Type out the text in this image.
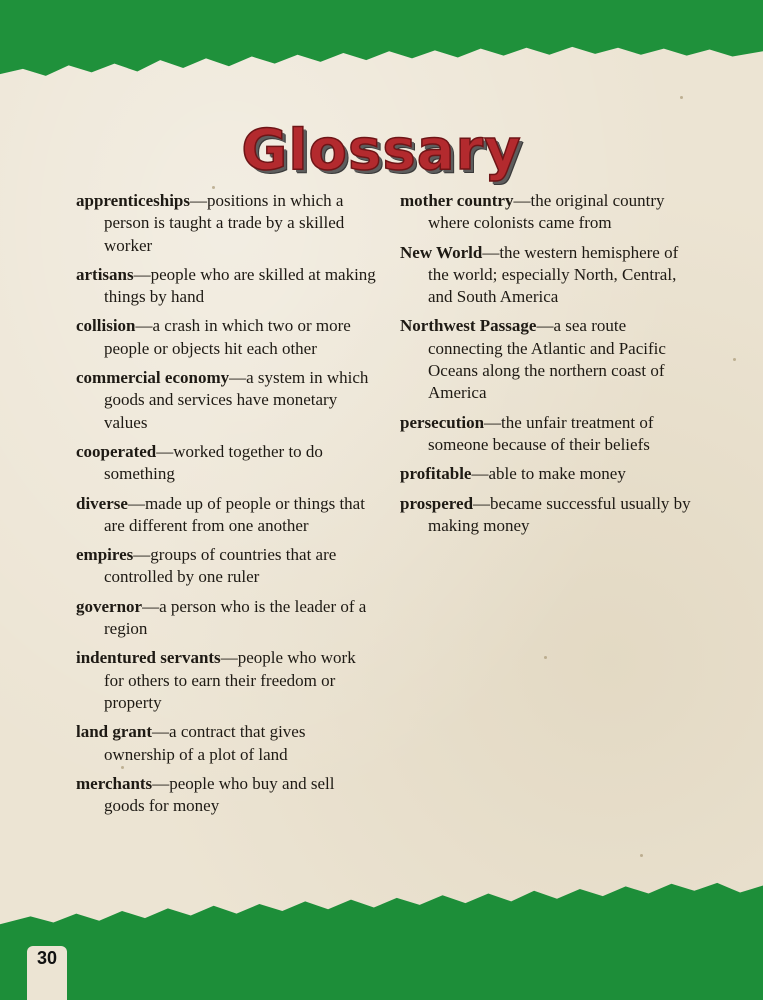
Glossary

apprenticeships—positions in which a person is taught a trade by a skilled worker

artisans—people who are skilled at making things by hand

collision—a crash in which two or more people or objects hit each other

commercial economy—a system in which goods and services have monetary values

cooperated—worked together to do something

diverse—made up of people or things that are different from one another

empires—groups of countries that are controlled by one ruler

governor—a person who is the leader of a region

indentured servants—people who work for others to earn their freedom or property

land grant—a contract that gives ownership of a plot of land

merchants—people who buy and sell goods for money

mother country—the original country where colonists came from

New World—the western hemisphere of the world; especially North, Central, and South America

Northwest Passage—a sea route connecting the Atlantic and Pacific Oceans along the northern coast of America

persecution—the unfair treatment of someone because of their beliefs

profitable—able to make money

prospered—became successful usually by making money

30
